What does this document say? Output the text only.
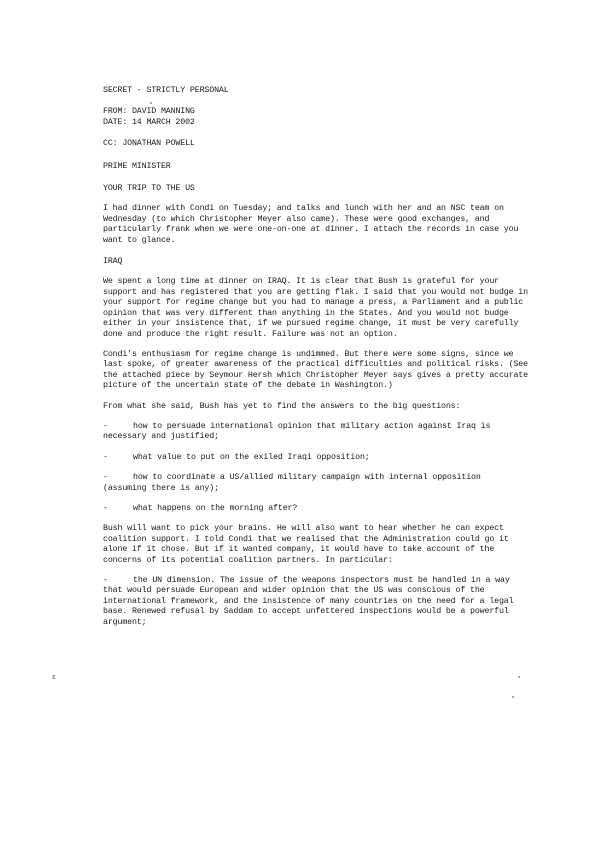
SECRET - STRICTLY PERSONAL
FROM: DAVID MANNING
DATE: 14 MARCH 2002
CC: JONATHAN POWELL
PRIME MINISTER
YOUR TRIP TO THE US

I had dinner with Condi on Tuesday; and talks and lunch with her and an NSC team on Wednesday (to which Christopher Meyer also came). These were good exchanges, and particularly frank when we were one-on-one at dinner. I attach the records in case you want to glance.

IRAQ

We spent a long time at dinner on IRAQ. It is clear that Bush is grateful for your support and has registered that you are getting flak. I said that you would not budge in your support for regime change but you had to manage a press, a Parliament and a public opinion that was very different than anything in the States. And you would not budge either in your insistence that, if we pursued regime change, it must be very carefully done and produce the right result. Failure was not an option.

Condi's enthusiasm for regime change is undimmed. But there were some signs, since we last spoke, of greater awareness of the practical difficulties and political risks. (See the attached piece by Seymour Hersh which Christopher Meyer says gives a pretty accurate picture of the uncertain state of the debate in Washington.)

From what she said, Bush has yet to find the answers to the big questions:

-	how to persuade international opinion that military action against Iraq is necessary and justified;
-	what value to put on the exiled Iraqi opposition;
-	how to coordinate a US/allied military campaign with internal opposition (assuming there is any);
-	what happens on the morning after?

Bush will want to pick your brains. He will also want to hear whether he can expect coalition support. I told Condi that we realised that the Administration could go it alone if it chose. But if it wanted company, it would have to take account of the concerns of its potential coalition partners. In particular:

-	the UN dimension. The issue of the weapons inspectors must be handled in a way that would persuade European and wider opinion that the US was conscious of the international framework, and the insistence of many countries on the need for a legal base. Renewed refusal by Saddam to accept unfettered inspections would be a powerful argument;
ε
